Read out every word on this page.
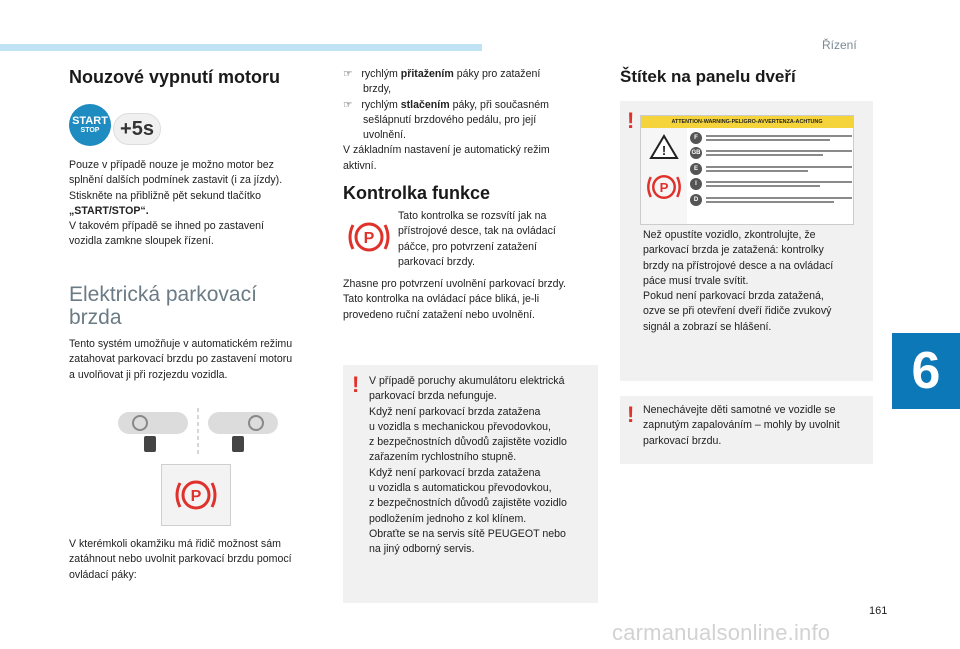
Řízení
6
161
carmanualsonline.info
Nouzové vypnutí motoru
START
STOP	+5s
Pouze v případě nouze je možno motor bez
splnění dalších podmínek zastavit (i za jízdy).
Stiskněte na přibližně pět sekund tlačítko
„START/STOP“.
V takovém případě se ihned po zastavení
vozidla zamkne sloupek řízení.
Elektrická parkovací
brzda
Tento systém umožňuje v automatickém režimu
zatahovat parkovací brzdu po zastavení motoru
a uvolňovat ji při rozjezdu vozidla.
P
V kterémkoli okamžiku má řidič možnost sám
zatáhnout nebo uvolnit parkovací brzdu pomocí
ovládací páky:
☞   rychlým přitažením páky pro zatažení
brzdy,
☞   rychlým stlačením páky, při současném
sešlápnutí brzdového pedálu, pro její
uvolnění.
V základním nastavení je automatický režim
aktivní.
Kontrolka funkce
P
Tato kontrolka se rozsvítí jak na
přístrojové desce, tak na ovládací
páčce, pro potvrzení zatažení
parkovací brzdy.
Zhasne pro potvrzení uvolnění parkovací brzdy.
Tato kontrolka na ovládací páce bliká, je-li
provedeno ruční zatažení nebo uvolnění.
! V případě poruchy akumulátoru elektrická
parkovací brzda nefunguje.
Když není parkovací brzda zatažena
u vozidla s mechanickou převodovkou,
z bezpečnostních důvodů zajistěte vozidlo
zařazením rychlostního stupně.
Když není parkovací brzda zatažena
u vozidla s automatickou převodovkou,
z bezpečnostních důvodů zajistěte vozidlo
podložením jednoho z kol klínem.
Obraťte se na servis sítě PEUGEOT nebo
na jiný odborný servis.
Štítek na panelu dveří
!	ATTENTION-WARNING-PELIGRO-AVVERTENZA-ACHTUNG
!
P
F
GB
E
I
D
Než opustíte vozidlo, zkontrolujte, že
parkovací brzda je zatažená: kontrolky
brzdy na přístrojové desce a na ovládací
páce musí trvale svítit.
Pokud není parkovací brzda zatažená,
ozve se při otevření dveří řidiče zvukový
signál a zobrazí se hlášení.
! Nenechávejte děti samotné ve vozidle se
zapnutým zapalováním – mohly by uvolnit
parkovací brzdu.
